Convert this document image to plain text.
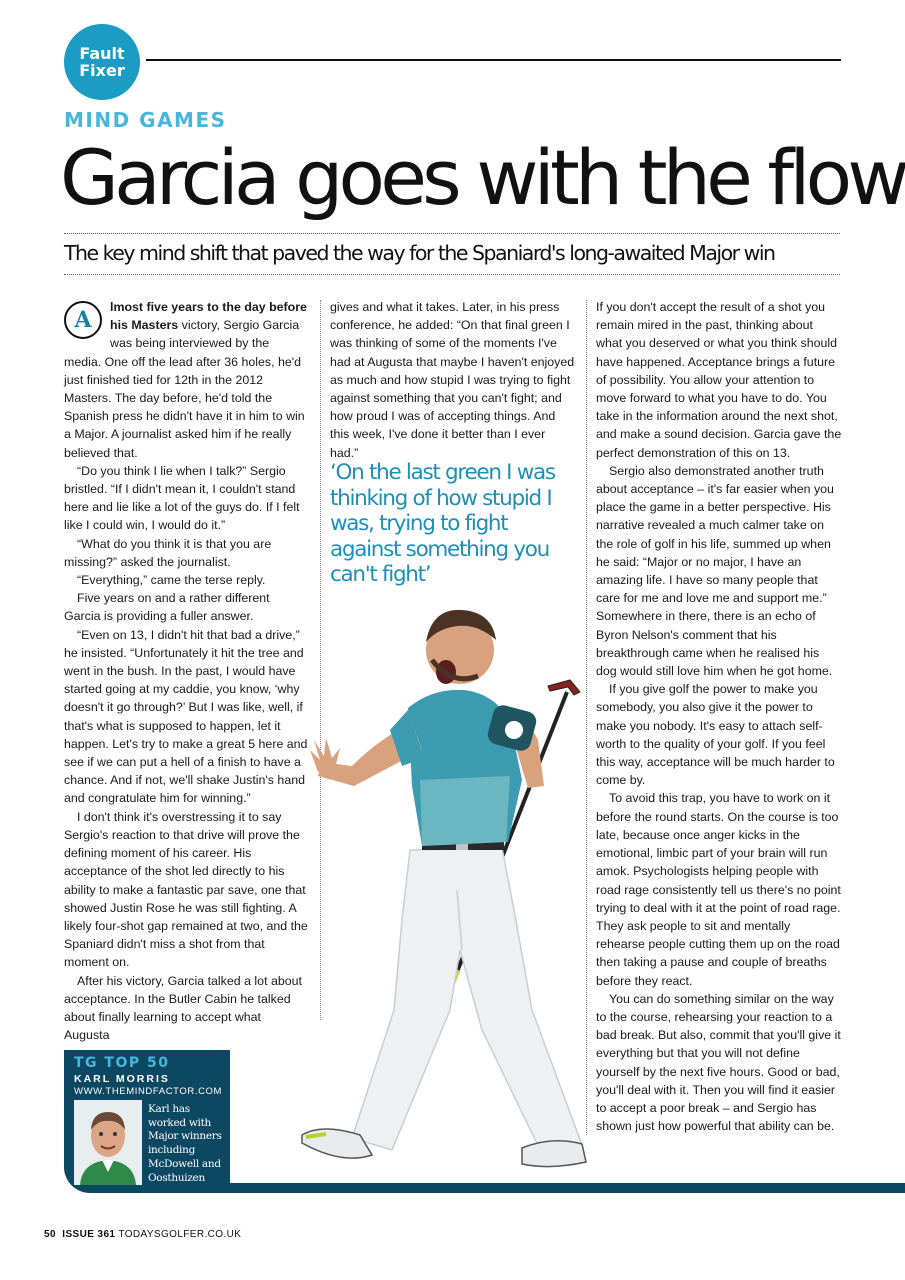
Fault
Fixer
MIND GAMES
Garcia goes with the flow
The key mind shift that paved the way for the Spaniard's long-awaited Major win

A	lmost five years to the day before his Masters victory, Sergio Garcia was being interviewed by the media. One off the lead after 36 holes, he'd just finished tied for 12th in the 2012 Masters. The day before, he'd told the Spanish press he didn't have it in him to win a Major. A journalist asked him if he really believed that.

“Do you think I lie when I talk?” Sergio bristled. “If I didn't mean it, I couldn't stand here and lie like a lot of the guys do. If I felt like I could win, I would do it.”

“What do you think it is that you are missing?” asked the journalist.

“Everything,” came the terse reply.

Five years on and a rather different Garcia is providing a fuller answer.

“Even on 13, I didn't hit that bad a drive,” he insisted. “Unfortunately it hit the tree and went in the bush. In the past, I would have started going at my caddie, you know, ‘why doesn't it go through?’ But I was like, well, if that's what is supposed to happen, let it happen. Let's try to make a great 5 here and see if we can put a hell of a finish to have a chance. And if not, we'll shake Justin's hand and congratulate him for winning.”

I don't think it's overstressing it to say Sergio's reaction to that drive will prove the defining moment of his career. His acceptance of the shot led directly to his ability to make a fantastic par save, one that showed Justin Rose he was still fighting. A likely four-shot gap remained at two, and the Spaniard didn't miss a shot from that moment on.

After his victory, Garcia talked a lot about acceptance. In the Butler Cabin he talked about finally learning to accept what Augusta

gives and what it takes. Later, in his press conference, he added: “On that final green I was thinking of some of the moments I've had at Augusta that maybe I haven't enjoyed as much and how stupid I was trying to fight against something that you can't fight; and how proud I was of accepting things. And this week, I've done it better than I ever had.”

‘On the last green I was thinking of how stupid I was, trying to fight against something you can't fight’

If you don't accept the result of a shot you remain mired in the past, thinking about what you deserved or what you think should have happened. Acceptance brings a future of possibility. You allow your attention to move forward to what you have to do. You take in the information around the next shot, and make a sound decision. Garcia gave the perfect demonstration of this on 13.

Sergio also demonstrated another truth about acceptance – it's far easier when you place the game in a better perspective. His narrative revealed a much calmer take on the role of golf in his life, summed up when he said: “Major or no major, I have an amazing life. I have so many people that care for me and love me and support me.” Somewhere in there, there is an echo of Byron Nelson's comment that his breakthrough came when he realised his dog would still love him when he got home.

If you give golf the power to make you somebody, you also give it the power to make you nobody. It's easy to attach self-worth to the quality of your golf. If you feel this way, acceptance will be much harder to come by.

To avoid this trap, you have to work on it before the round starts. On the course is too late, because once anger kicks in the emotional, limbic part of your brain will run amok. Psychologists helping people with road rage consistently tell us there's no point trying to deal with it at the point of road rage. They ask people to sit and mentally rehearse people cutting them up on the road then taking a pause and couple of breaths before they react.

You can do something similar on the way to the course, rehearsing your reaction to a bad break. But also, commit that you'll give it everything but that you will not define yourself by the next five hours. Good or bad, you'll deal with it. Then you will find it easier to accept a poor break – and Sergio has shown just how powerful that ability can be.

TG TOP 50
KARL MORRIS
WWW.THEMINDFACTOR.COM
Karl has worked with Major winners including McDowell and Oosthuizen
50 ISSUE 361 TODAYSGOLFER.CO.UK
